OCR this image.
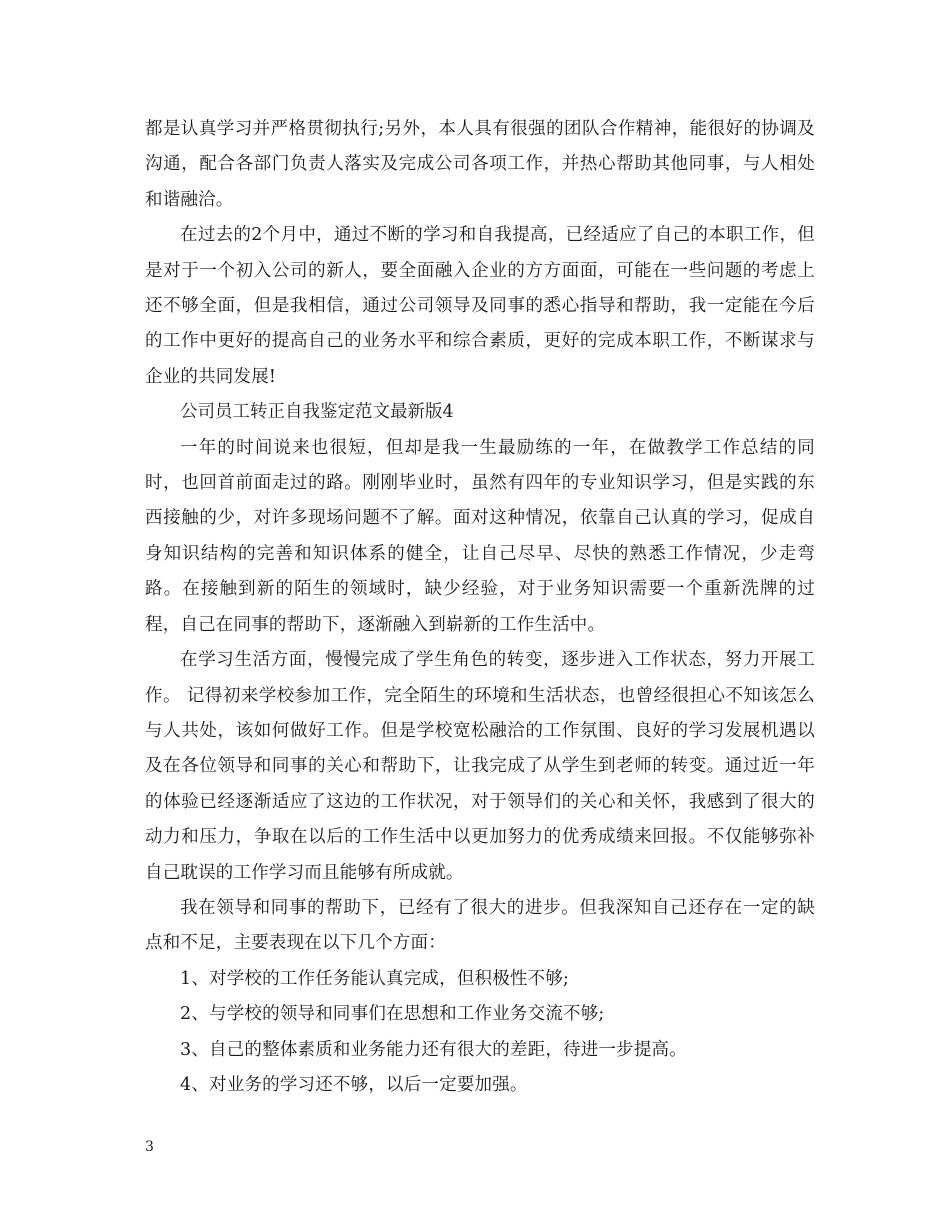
都是认真学习并严格贯彻执行;另外，本人具有很强的团队合作精神，能很好的协调及沟通，配合各部门负责人落实及完成公司各项工作，并热心帮助其他同事，与人相处和谐融洽。

在过去的2个月中，通过不断的学习和自我提高，已经适应了自己的本职工作，但是对于一个初入公司的新人，要全面融入企业的方方面面，可能在一些问题的考虑上还不够全面，但是我相信，通过公司领导及同事的悉心指导和帮助，我一定能在今后的工作中更好的提高自己的业务水平和综合素质，更好的完成本职工作，不断谋求与企业的共同发展!

公司员工转正自我鉴定范文最新版4

一年的时间说来也很短，但却是我一生最励练的一年，在做教学工作总结的同时，也回首前面走过的路。刚刚毕业时，虽然有四年的专业知识学习，但是实践的东西接触的少，对许多现场问题不了解。面对这种情况，依靠自己认真的学习，促成自身知识结构的完善和知识体系的健全，让自己尽早、尽快的熟悉工作情况，少走弯路。在接触到新的陌生的领域时，缺少经验，对于业务知识需要一个重新洗牌的过程，自己在同事的帮助下，逐渐融入到崭新的工作生活中。

在学习生活方面，慢慢完成了学生角色的转变，逐步进入工作状态，努力开展工作。 记得初来学校参加工作，完全陌生的环境和生活状态，也曾经很担心不知该怎么与人共处，该如何做好工作。但是学校宽松融洽的工作氛围、良好的学习发展机遇以及在各位领导和同事的关心和帮助下，让我完成了从学生到老师的转变。通过近一年的体验已经逐渐适应了这边的工作状况，对于领导们的关心和关怀，我感到了很大的动力和压力，争取在以后的工作生活中以更加努力的优秀成绩来回报。不仅能够弥补自己耽误的工作学习而且能够有所成就。

我在领导和同事的帮助下，已经有了很大的进步。但我深知自己还存在一定的缺点和不足，主要表现在以下几个方面：

1、对学校的工作任务能认真完成，但积极性不够;

2、与学校的领导和同事们在思想和工作业务交流不够;

3、自己的整体素质和业务能力还有很大的差距，待进一步提高。

4、对业务的学习还不够，以后一定要加强。

3
